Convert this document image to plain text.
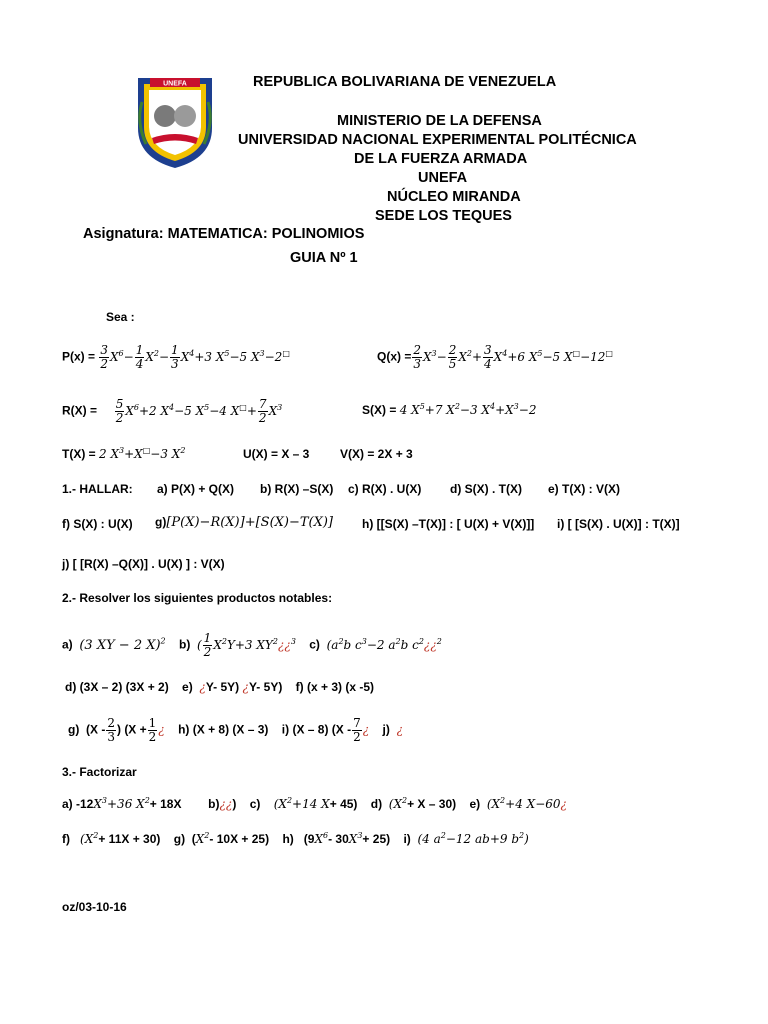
UNEFA	REPUBLICA BOLIVARIANA DE VENEZUELA
MINISTERIO DE LA DEFENSA
UNIVERSIDAD NACIONAL EXPERIMENTAL POLITÉCNICA
DE LA FUERZA ARMADA
UNEFA
NÚCLEO MIRANDA
SEDE LOS TEQUES
Asignatura: MATEMATICA: POLINOMIOS
GUIA Nº 1
Sea :
$P(x) = \frac{3}{2} X^6- \frac{1}{4} X^2- \frac{1}{3} X^4+3$ $X^5-5$ $X^3-2^□$	$Q(x) = \frac{2}{3} X^3- \frac{2}{5} X^2+ \frac{3}{4} X^4+6$ $X^5-5$ X□−12□
$R(X) = \frac{5}{2} X^6+2$ $X^4-5$ $X^5-4$ $X^□+ \frac{7}{2} X^3$	S(X) = 4 $X^5+7$ $X^2-3$ $X^4+X^3-2$
T(X) = 2 $X^3+X^□-3$ $X^2$	U(X) = X – 3	V(X) = 2X + 3
1.- HALLAR: a) P(X) + Q(X) b) R(X) –S(X) c) R(X) . U(X) d) S(X) . T(X) e) T(X) : V(X)
f) S(X) : U(X) g)[P(X)−R(X)]+[S(X)−T(X)] h) [[S(X) –T(X)] : [ U(X) + V(X)]] i) [ [S(X) . U(X)] : T(X)]
j) [ [R(X) –Q(X)] . U(X) ] : V(X)
2.- Resolver los siguientes productos notables:
a) (3 XY − 2 X)$^2$ b) ( $\frac{1}{2} X^2Y+3$ $XY^2¿¿^3$ c) ($a^2b$ $c^3-2$ $a^2b$ $c^2¿¿^2$
d) (3X – 2) (3X + 2) e) ¿Y- 5Y) ¿Y- 5Y) f) (x + 3) (x -5)
g) ($X - \frac{2}{3}$ ) ($X + \frac{1}{2}$ ¿ h) (X + 8) (X – 3) i) (X – 8) ($X - \frac{7}{2}$ ¿ j) ¿
3.- Factorizar
a) $-12X^3+36$ $X^2+ 18X$ b)¿¿) c) ($X^2+14$ X+ 45) d) $(X^2+ X - 30)$ e) ($X^2+4$ X−60¿
f) $(X^2+ 11X + 30)$ g) ($X^2-$ 10X + 25) h) ($9X^6-$ $30X^3+ 25$) i) (4 $a^2-12$ ab+9 $b^2$)
oz/03-10-16
